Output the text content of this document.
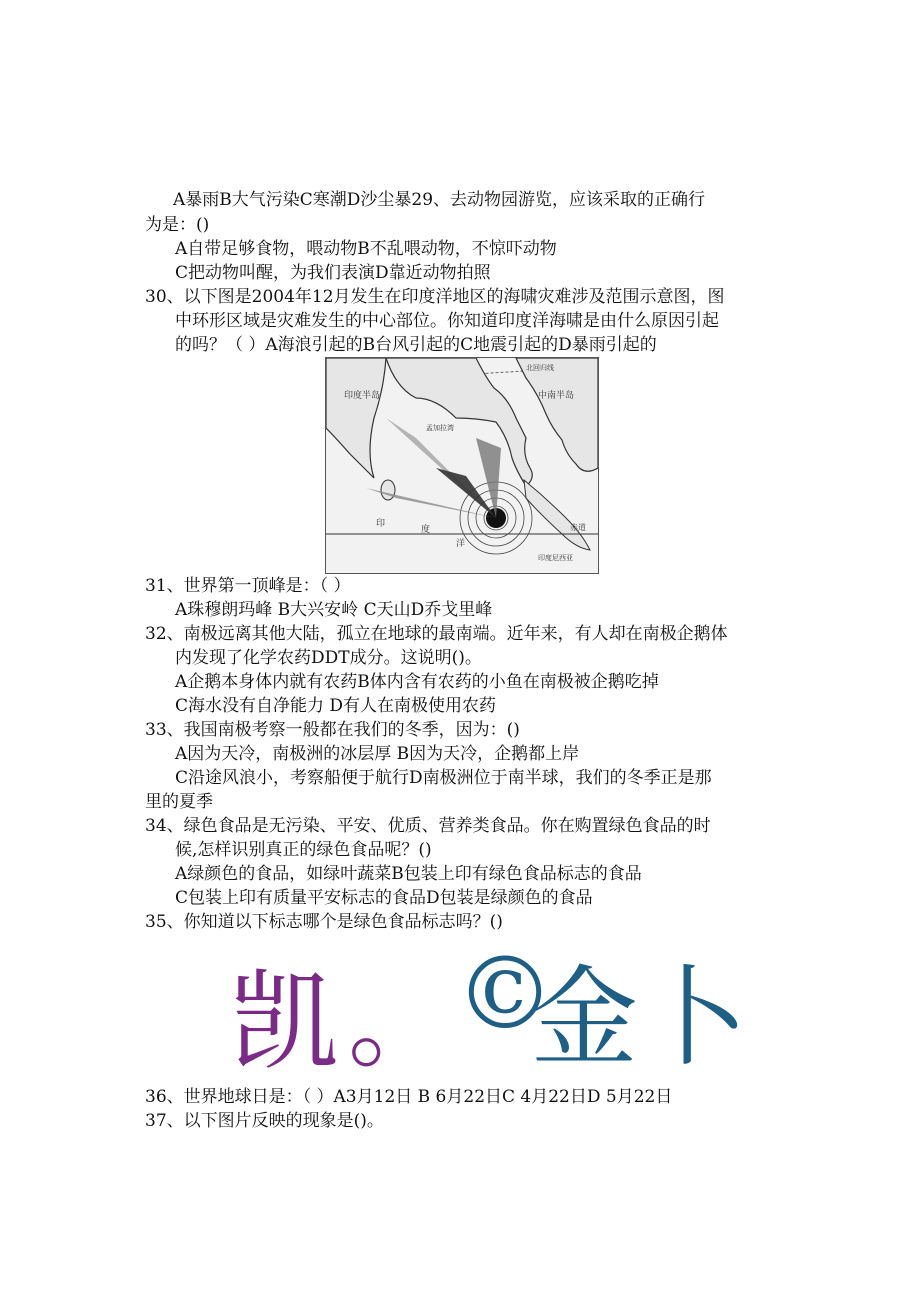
A暴雨B大气污染C寒潮D沙尘暴29、去动物园游览，应该采取的正确行
为是：()
A自带足够食物，喂动物B不乱喂动物，不惊吓动物
C把动物叫醒，为我们表演D靠近动物拍照
30、以下图是2004年12月发生在印度洋地区的海啸灾难涉及范围示意图，图
中环形区域是灾难发生的中心部位。你知道印度洋海啸是由什么原因引起
的吗？（ ）A海浪引起的B台风引起的C地震引起的D暴雨引起的
北回归线
印度半岛
孟加拉湾
中南半岛
印
度
洋
赤道
印度尼西亚
31、世界第一顶峰是：（ ）
A珠穆朗玛峰 B大兴安岭 C天山D乔戈里峰
32、南极远离其他大陆，孤立在地球的最南端。近年来，有人却在南极企鹅体
内发现了化学农药DDT成分。这说明()。
A企鹅本身体内就有农药B体内含有农药的小鱼在南极被企鹅吃掉
C海水没有自净能力 D有人在南极使用农药
33、我国南极考察一般都在我们的冬季，因为：()
A因为天冷，南极洲的冰层厚 B因为天冷，企鹅都上岸
C沿途风浪小，考察船便于航行D南极洲位于南半球，我们的冬季正是那
里的夏季
34、绿色食品是无污染、平安、优质、营养类食品。你在购置绿色食品的时
候,怎样识别真正的绿色食品呢？()
A绿颜色的食品，如绿叶蔬菜B包装上印有绿色食品标志的食品
C包装上印有质量平安标志的食品D包装是绿颜色的食品
35、你知道以下标志哪个是绿色食品标志吗？()
凯 。 ©
金 卜
36、世界地球日是：（ ）A3月12日 B 6月22日C 4月22日D 5月22日
37、以下图片反映的现象是()。
